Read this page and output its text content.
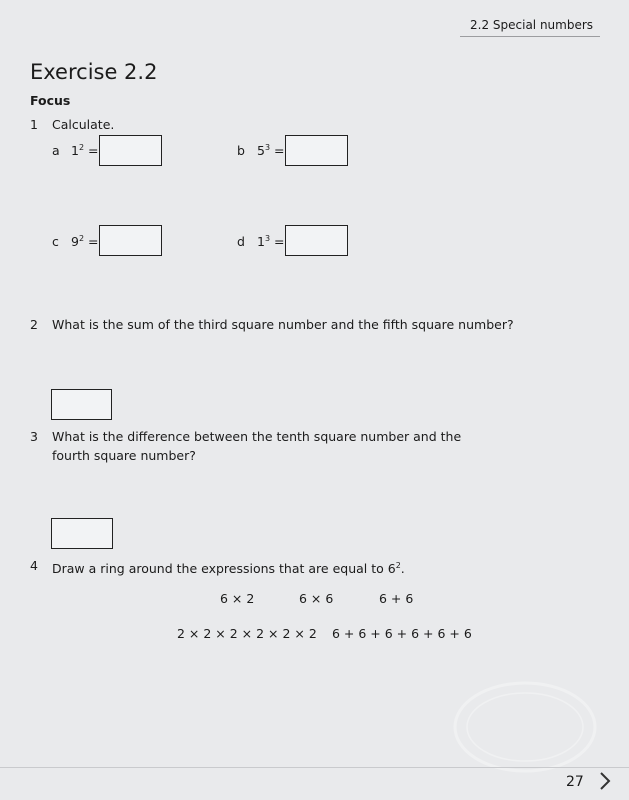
2.2 Special numbers
Exercise 2.2
Focus
1 Calculate.
a $1^2$ =	b $5^3$ =
c $9^2$ =	d $1^3$ =
2 What is the sum of the third square number and the fifth square number?
3 What is the difference between the tenth square number and the fourth square number?
4 Draw a ring around the expressions that are equal to $6^2$.
6 × 2	6 × 6	6 + 6
2 × 2 × 2 × 2 × 2 × 2 6 + 6 + 6 + 6 + 6 + 6
27
